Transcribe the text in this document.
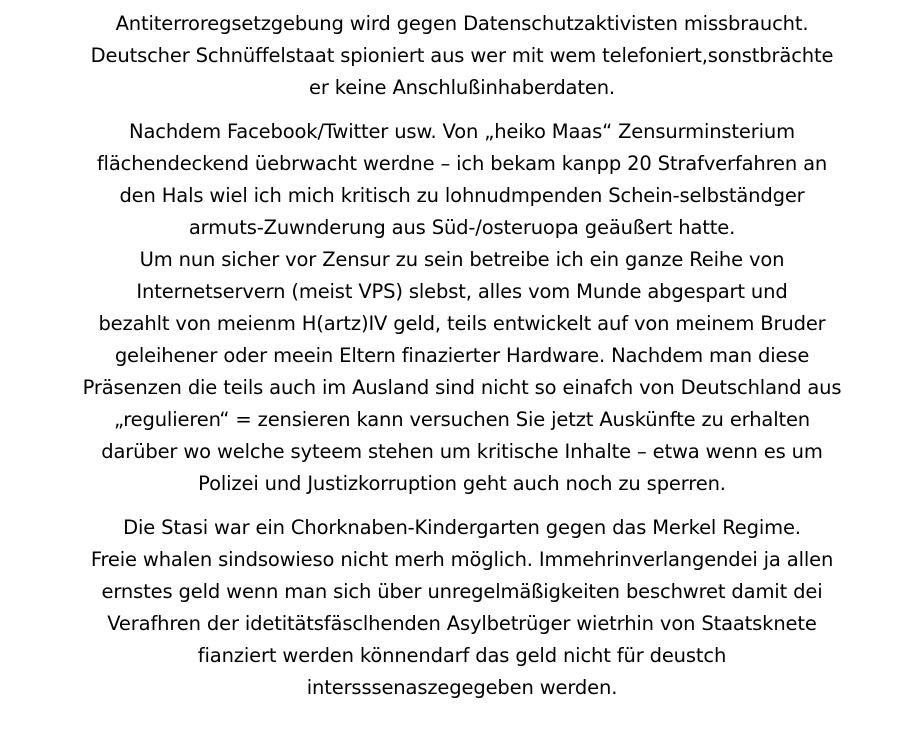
Antiterroregsetzgebung wird gegen Datenschutzaktivisten missbraucht.
Deutscher Schnüffelstaat spioniert aus wer mit wem telefoniert,sonstbrächte
er keine Anschlußinhaberdaten.
Nachdem Facebook/Twitter usw. Von „heiko Maas“ Zensurminsterium
flächendeckend üebrwacht werdne – ich bekam kanpp 20 Strafverfahren an
den Hals wiel ich mich kritisch zu lohnudmpenden Schein-selbständger
armuts-Zuwnderung aus Süd-/osteruopa geäußert hatte.
Um nun sicher vor Zensur zu sein betreibe ich ein ganze Reihe von
Internetservern (meist VPS) slebst, alles vom Munde abgespart und
bezahlt von meienm H(artz)IV geld, teils entwickelt auf von meinem Bruder
geleihener oder meein Eltern finazierter Hardware. Nachdem man diese
Präsenzen die teils auch im Ausland sind nicht so einafch von Deutschland aus
„regulieren“ = zensieren kann versuchen Sie jetzt Auskünfte zu erhalten
darüber wo welche syteem stehen um kritische Inhalte – etwa wenn es um
Polizei und Justizkorruption geht auch noch zu sperren.
Die Stasi war ein Chorknaben-Kindergarten gegen das Merkel Regime.
Freie whalen sindsowieso nicht merh möglich. Immehrinverlangendei ja allen
ernstes geld wenn man sich über unregelmäßigkeiten beschwret damit dei
Verafhren der idetitätsfäsclhenden Asylbetrüger wietrhin von Staatsknete
fianziert werden könnendarf das geld nicht für deustch
intersssenaszegegeben werden.
